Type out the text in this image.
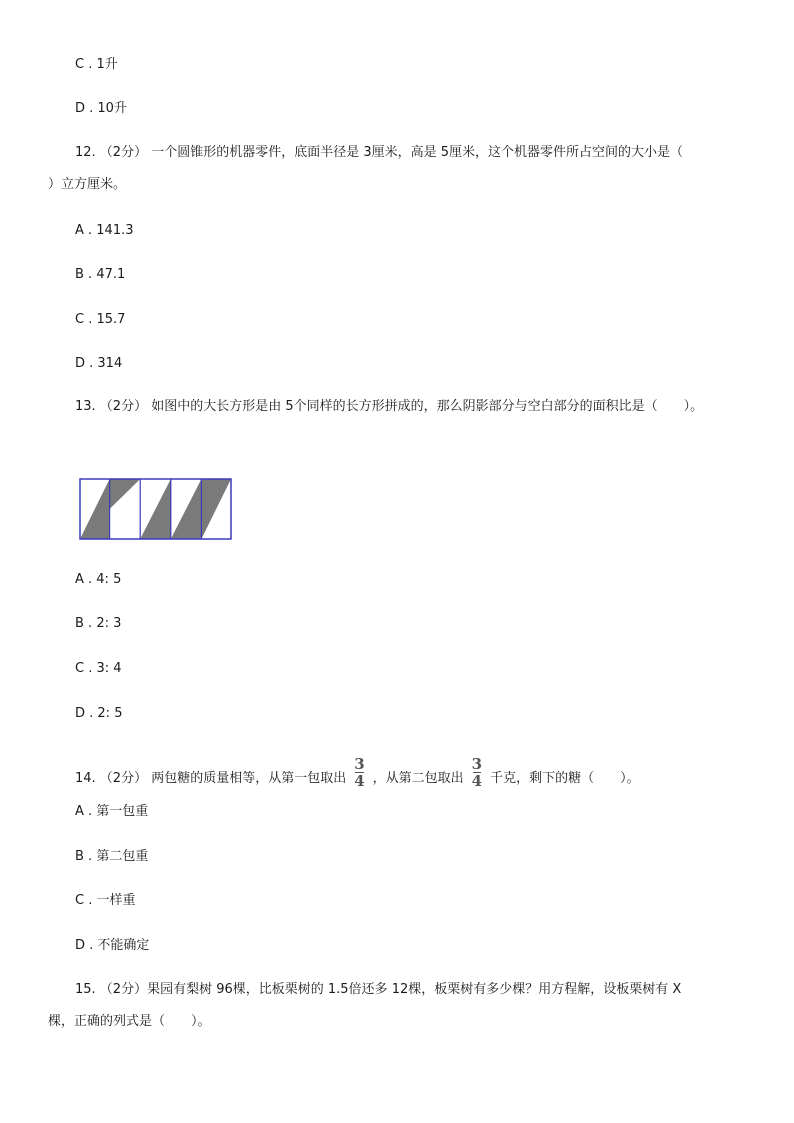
C . 1升
D . 10升
12. （2分） 一个圆锥形的机器零件，底面半径是 3厘米，高是 5厘米，这个机器零件所占空间的大小是（
）立方厘米。
A . 141.3
B . 47.1
C . 15.7
D . 314
13. （2分） 如图中的大长方形是由 5个同样的长方形拼成的，那么阴影部分与空白部分的面积比是（　　）。
A . 4: 5
B . 2: 3
C . 3: 4
D . 2: 5
14. （2分） 两包糖的质量相等，从第一包取出 $\frac{3}{4}$ ，从第二包取出 $\frac{3}{4}$ 千克，剩下的糖（　　）。
A . 第一包重
B . 第二包重
C . 一样重
D . 不能确定
15. （2分）果园有梨树 96棵，比板栗树的 1.5倍还多 12棵，板栗树有多少棵？用方程解，设板栗树有 X
棵，正确的列式是（　　）。
